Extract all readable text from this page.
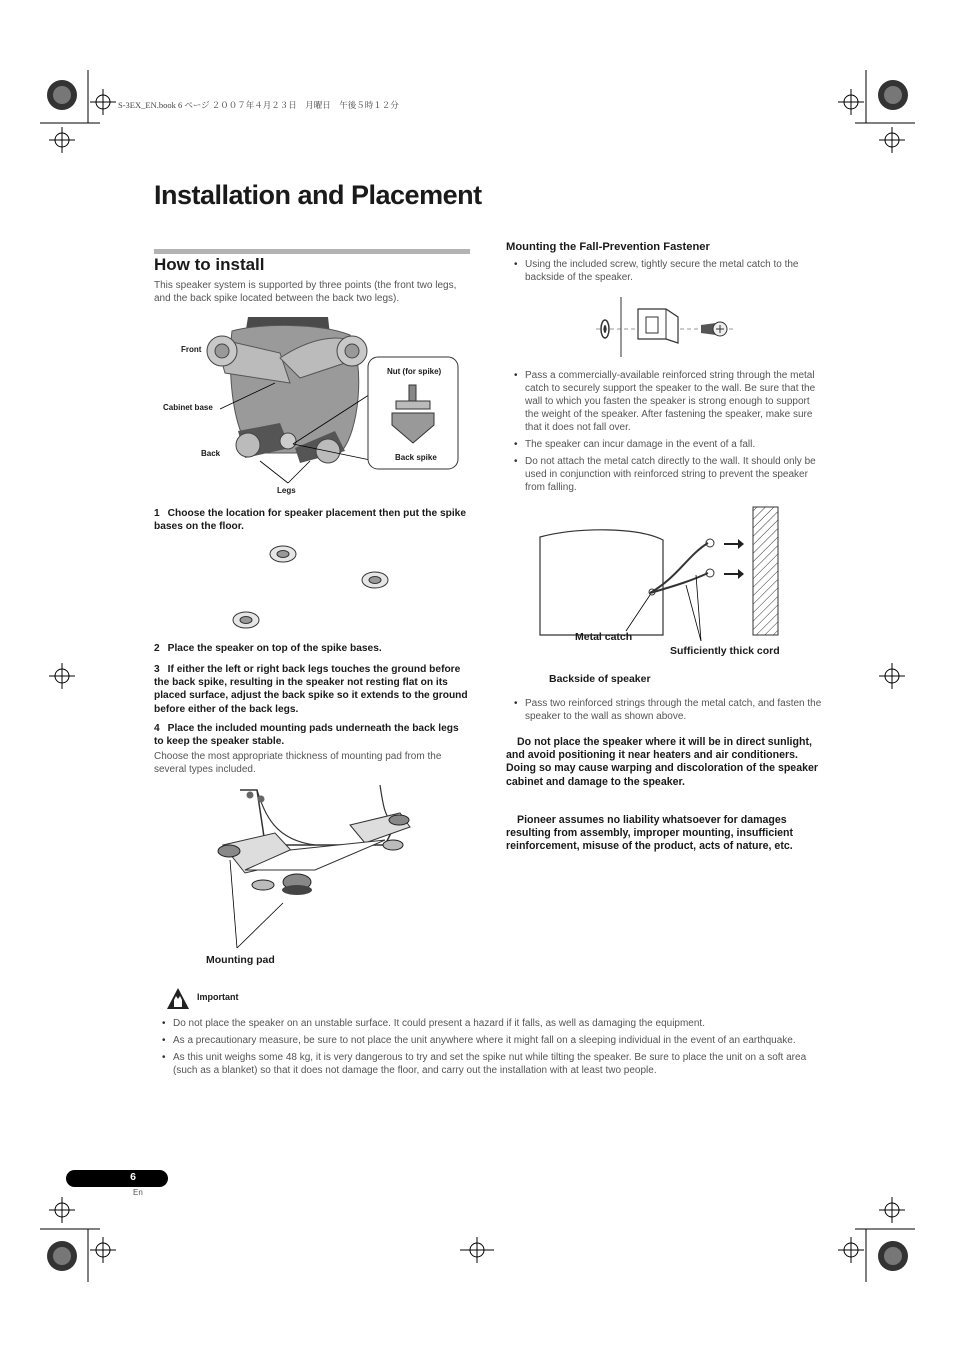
S-3EX_EN.book 6 ページ ２００７年４月２３日　月曜日　午後５時１２分
Installation and Placement
How to install
This speaker system is supported by three points (the front two legs, and the back spike located between the back two legs).
Front
Cabinet base
Back
Legs
Nut (for spike)
Back spike
1 Choose the location for speaker placement then put the spike bases on the floor.
2 Place the speaker on top of the spike bases.
3 If either the left or right back legs touches the ground before the back spike, resulting in the speaker not resting flat on its placed surface, adjust the back spike so it extends to the ground before either of the back legs.
4 Place the included mounting pads underneath the back legs to keep the speaker stable.
Choose the most appropriate thickness of mounting pad from the several types included.
Mounting pad
Mounting the Fall-Prevention Fastener
• Using the included screw, tightly secure the metal catch to the backside of the speaker.
• Pass a commercially-available reinforced string through the metal catch to securely support the speaker to the wall. Be sure that the wall to which you fasten the speaker is strong enough to support the weight of the speaker. After fastening the speaker, make sure that it does not fall over.
• The speaker can incur damage in the event of a fall.
• Do not attach the metal catch directly to the wall. It should only be used in conjunction with reinforced string to prevent the speaker from falling.
Metal catch
Sufficiently thick cord
Backside of speaker
• Pass two reinforced strings through the metal catch, and fasten the speaker to the wall as shown above.
Do not place the speaker where it will be in direct sunlight, and avoid positioning it near heaters and air conditioners. Doing so may cause warping and discoloration of the speaker cabinet and damage to the speaker.
Pioneer assumes no liability whatsoever for damages resulting from assembly, improper mounting, insufficient reinforcement, misuse of the product, acts of nature, etc.
Important
• Do not place the speaker on an unstable surface. It could present a hazard if it falls, as well as damaging the equipment.
• As a precautionary measure, be sure to not place the unit anywhere where it might fall on a sleeping individual in the event of an earthquake.
• As this unit weighs some 48 kg, it is very dangerous to try and set the spike nut while tilting the speaker. Be sure to place the unit on a soft area (such as a blanket) so that it does not damage the floor, and carry out the installation with at least two people.
6
En
